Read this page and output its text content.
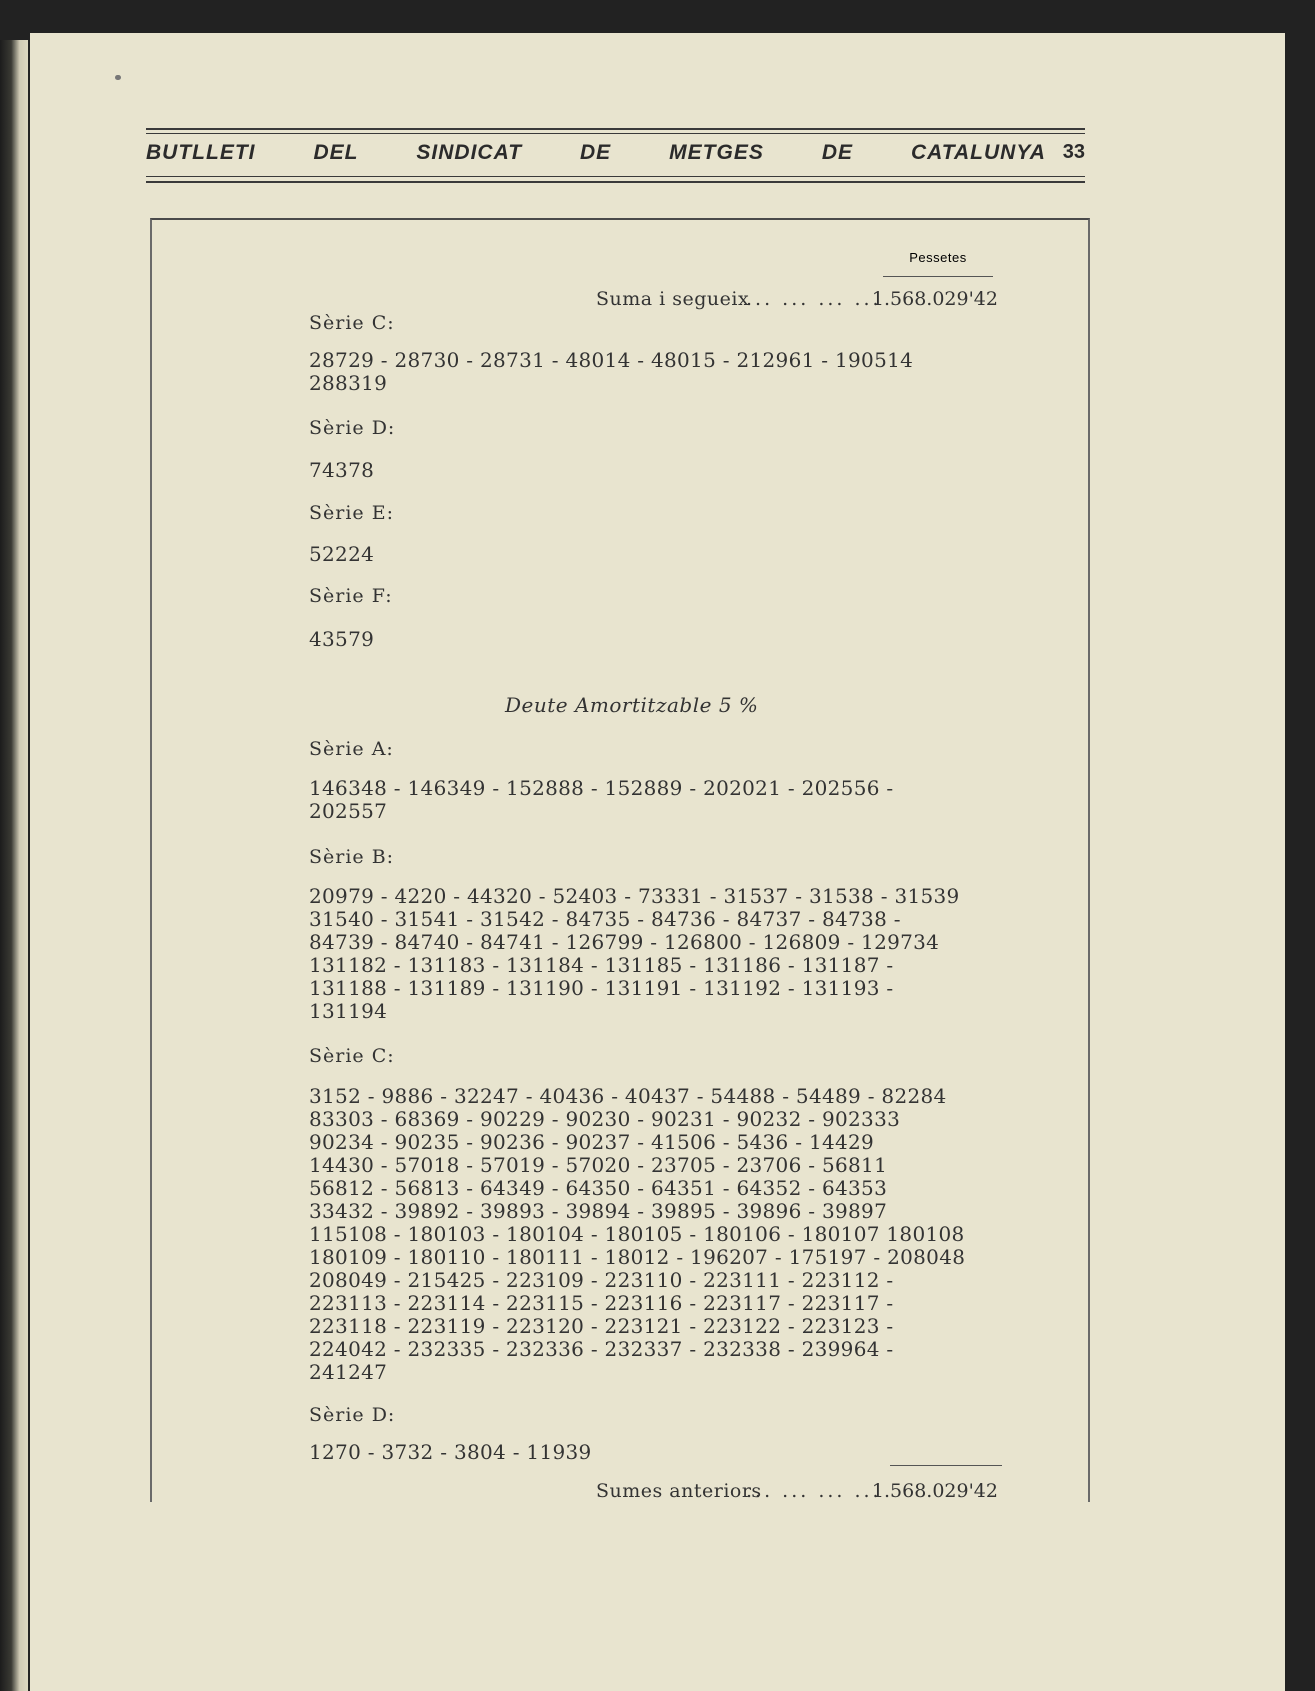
BUTLLETI	DEL	SINDICAT	DE	METGES	DE	CATALUNYA 33
Pessetes
Suma i segueix
... ... ... ...
1.568.029'42

Sèrie C:

28729 - 28730 - 28731 - 48014 - 48015 - 212961 - 190514

288319

Sèrie D:

74378

Sèrie E:

52224

Sèrie F:

43579

Deute Amortitzable 5 %

Sèrie A:

146348 - 146349 - 152888 - 152889 - 202021 - 202556 -

202557

Sèrie B:

20979 - 4220 - 44320 - 52403 - 73331 - 31537 - 31538 - 31539

31540 - 31541 - 31542 - 84735 - 84736 - 84737 - 84738 -

84739 - 84740 - 84741 - 126799 - 126800 - 126809 - 129734

131182 - 131183 - 131184 - 131185 - 131186 - 131187 -

131188 - 131189 - 131190 - 131191 - 131192 - 131193 -

131194

Sèrie C:

3152 - 9886 - 32247 - 40436 - 40437 - 54488 - 54489 - 82284

83303 - 68369 - 90229 - 90230 - 90231 - 90232 - 902333

90234 - 90235 - 90236 - 90237 - 41506 - 5436 - 14429

14430 - 57018 - 57019 - 57020 - 23705 - 23706 - 56811

56812 - 56813 - 64349 - 64350 - 64351 - 64352 - 64353

33432 - 39892 - 39893 - 39894 - 39895 - 39896 - 39897

115108 - 180103 - 180104 - 180105 - 180106 - 180107 180108

180109 - 180110 - 180111 - 18012 - 196207 - 175197 - 208048

208049 - 215425 - 223109 - 223110 - 223111 - 223112 -

223113 - 223114 - 223115 - 223116 - 223117 - 223117 -

223118 - 223119 - 223120 - 223121 - 223122 - 223123 -

224042 - 232335 - 232336 - 232337 - 232338 - 239964 -

241247

Sèrie D:

1270 - 3732 - 3804 - 11939

Sumes anteriors
... ... ... ...
1.568.029'42
